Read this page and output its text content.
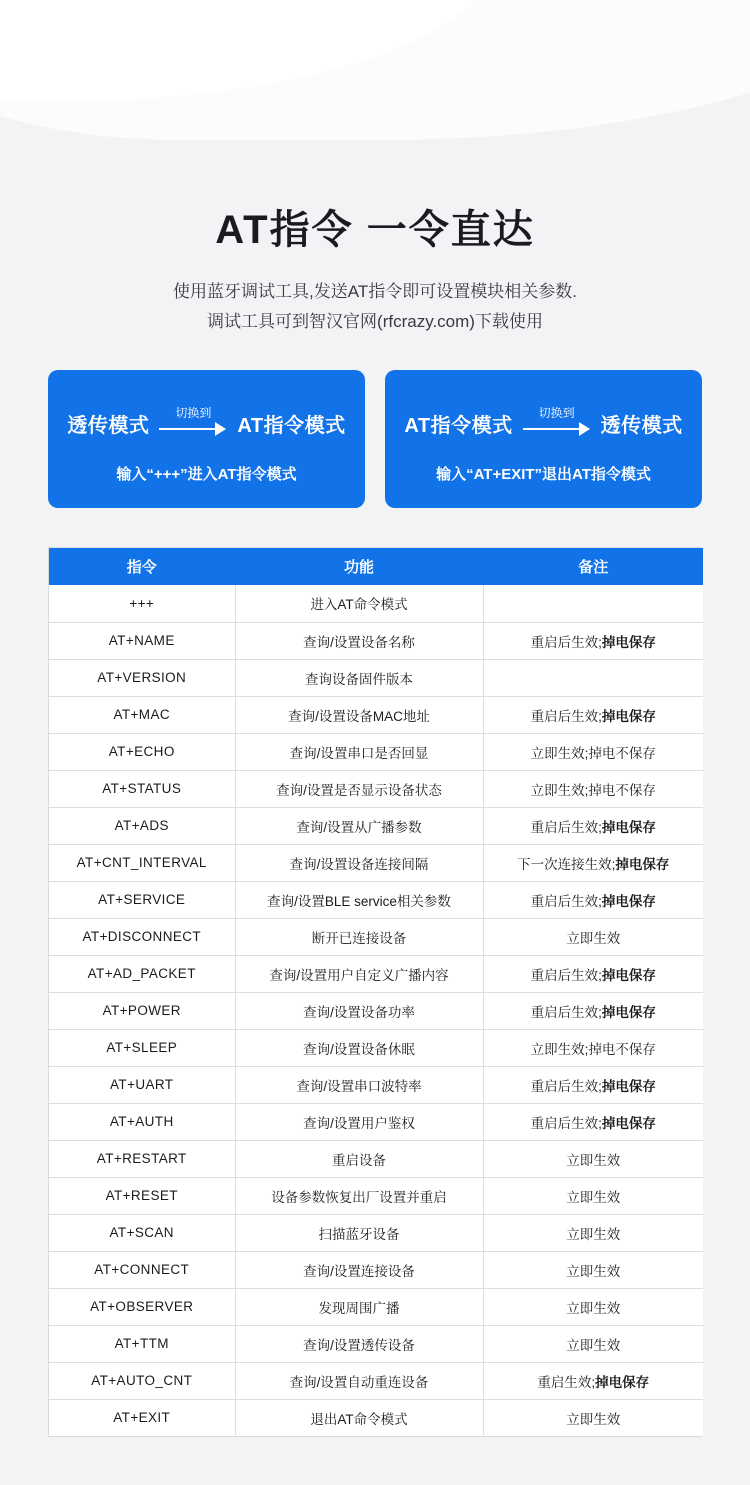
AT指令 一令直达
使用蓝牙调试工具,发送AT指令即可设置模块相关参数.
调试工具可到智汉官网(rfcrazy.com)下载使用
透传模式
切换到
AT指令模式
输入“+++”进入AT指令模式
AT指令模式
切换到
透传模式
输入“AT+EXIT”退出AT指令模式
指令	功能	备注
+++	进入AT命令模式	
AT+NAME	查询/设置设备名称	重启后生效;掉电保存
AT+VERSION	查询设备固件版本	
AT+MAC	查询/设置设备MAC地址	重启后生效;掉电保存
AT+ECHO	查询/设置串口是否回显	立即生效;掉电不保存
AT+STATUS	查询/设置是否显示设备状态	立即生效;掉电不保存
AT+ADS	查询/设置从广播参数	重启后生效;掉电保存
AT+CNT_INTERVAL	查询/设置设备连接间隔	下一次连接生效;掉电保存
AT+SERVICE	查询/设置BLE service相关参数	重启后生效;掉电保存
AT+DISCONNECT	断开已连接设备	立即生效
AT+AD_PACKET	查询/设置用户自定义广播内容	重启后生效;掉电保存
AT+POWER	查询/设置设备功率	重启后生效;掉电保存
AT+SLEEP	查询/设置设备休眠	立即生效;掉电不保存
AT+UART	查询/设置串口波特率	重启后生效;掉电保存
AT+AUTH	查询/设置用户鉴权	重启后生效;掉电保存
AT+RESTART	重启设备	立即生效
AT+RESET	设备参数恢复出厂设置并重启	立即生效
AT+SCAN	扫描蓝牙设备	立即生效
AT+CONNECT	查询/设置连接设备	立即生效
AT+OBSERVER	发现周围广播	立即生效
AT+TTM	查询/设置透传设备	立即生效
AT+AUTO_CNT	查询/设置自动重连设备	重启生效;掉电保存
AT+EXIT	退出AT命令模式	立即生效
